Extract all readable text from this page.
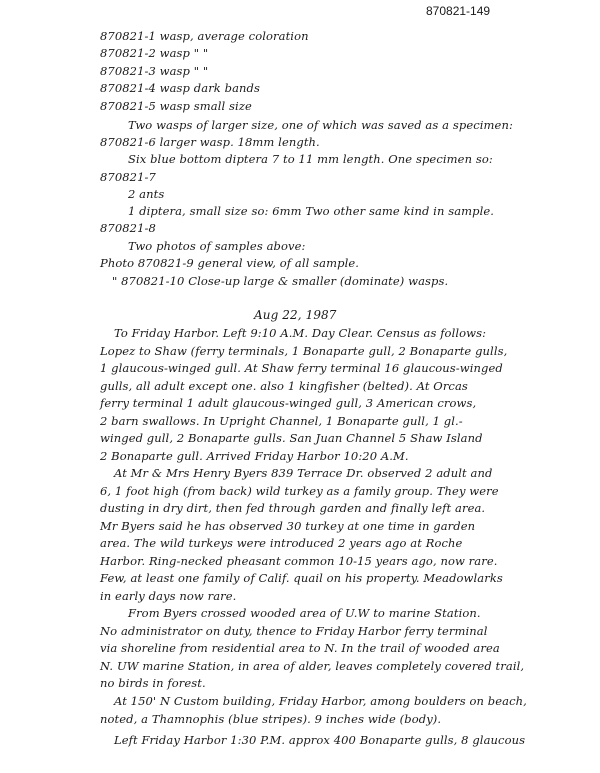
870821-149
870821-1 wasp, average coloration
870821-2 wasp " "
870821-3 wasp " "
870821-4 wasp dark bands
870821-5 wasp small size
Two wasps of larger size, one of which was saved as a specimen:
870821-6 larger wasp. 18mm length.
Six blue bottom diptera 7 to 11 mm length. One specimen so:
870821-7
2 ants
1 diptera, small size so: 6mm Two other same kind in sample.
870821-8
Two photos of samples above:
Photo 870821-9 general view, of all sample.
" 870821-10 Close-up large & smaller (dominate) wasps.
Aug 22, 1987
To Friday Harbor. Left 9:10 A.M. Day Clear. Census as follows:
Lopez to Shaw (ferry terminals, 1 Bonaparte gull, 2 Bonaparte gulls,
1 glaucous-winged gull. At Shaw ferry terminal 16 glaucous-winged
gulls, all adult except one. also 1 kingfisher (belted). At Orcas
ferry terminal 1 adult glaucous-winged gull, 3 American crows,
2 barn swallows. In Upright Channel, 1 Bonaparte gull, 1 gl.-
winged gull, 2 Bonaparte gulls. San Juan Channel 5 Shaw Island
2 Bonaparte gull. Arrived Friday Harbor 10:20 A.M.
At Mr & Mrs Henry Byers 839 Terrace Dr. observed 2 adult and
6, 1 foot high (from back) wild turkey as a family group. They were
dusting in dry dirt, then fed through garden and finally left area.
Mr Byers said he has observed 30 turkey at one time in garden
area. The wild turkeys were introduced 2 years ago at Roche
Harbor. Ring-necked pheasant common 10-15 years ago, now rare.
Few, at least one family of Calif. quail on his property. Meadowlarks
in early days now rare.
From Byers crossed wooded area of U.W to marine Station.
No administrator on duty, thence to Friday Harbor ferry terminal
via shoreline from residential area to N. In the trail of wooded area
N. UW marine Station, in area of alder, leaves completely covered trail,
no birds in forest.
At 150' N Custom building, Friday Harbor, among boulders on beach,
noted, a Thamnophis (blue stripes). 9 inches wide (body).
Left Friday Harbor 1:30 P.M. approx 400 Bonaparte gulls, 8 glaucous
